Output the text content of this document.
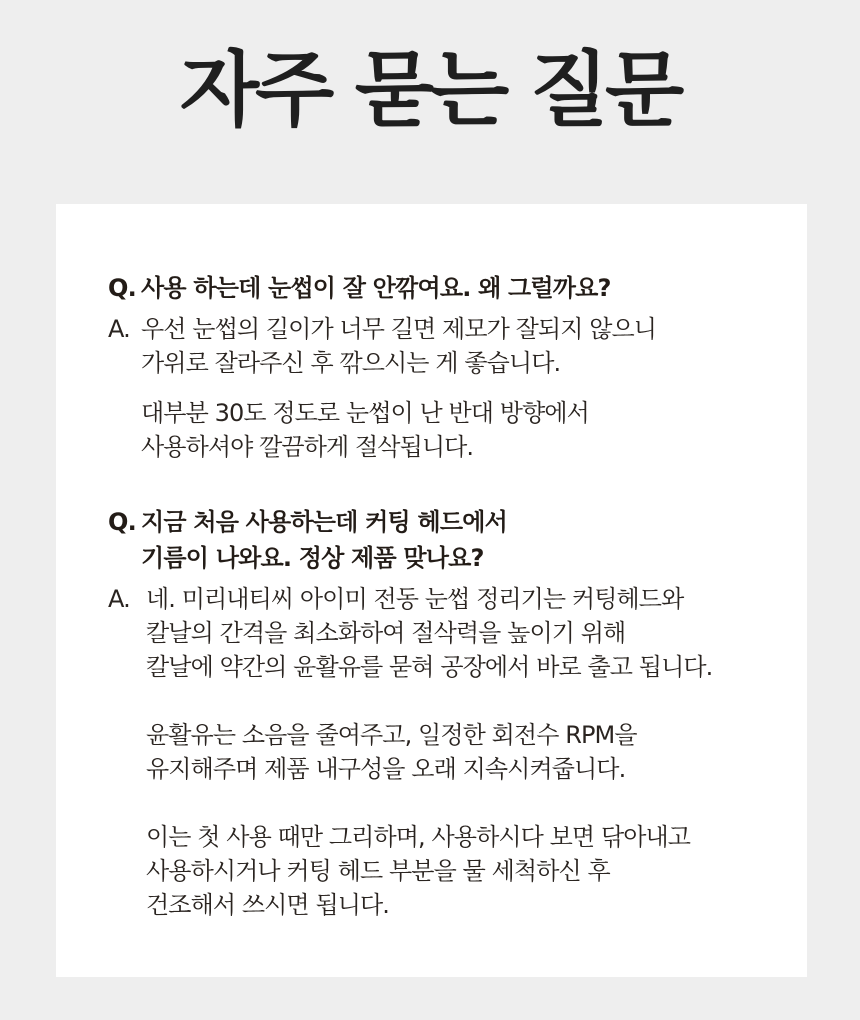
자주 묻는 질문
Q. 사용 하는데 눈썹이 잘 안깎여요. 왜 그럴까요?
A. 우선 눈썹의 길이가 너무 길면 제모가 잘되지 않으니
가위로 잘라주신 후 깎으시는 게 좋습니다.
대부분 30도 정도로 눈썹이 난 반대 방향에서
사용하셔야 깔끔하게 절삭됩니다.
Q. 지금 처음 사용하는데 커팅 헤드에서
기름이 나와요. 정상 제품 맞나요?
A. 네. 미리내티씨 아이미 전동 눈썹 정리기는 커팅헤드와
칼날의 간격을 최소화하여 절삭력을 높이기 위해
칼날에 약간의 윤활유를 묻혀 공장에서 바로 출고 됩니다.
윤활유는 소음을 줄여주고, 일정한 회전수 RPM을
유지해주며 제품 내구성을 오래 지속시켜줍니다.
이는 첫 사용 때만 그리하며, 사용하시다 보면 닦아내고
사용하시거나 커팅 헤드 부분을 물 세척하신 후
건조해서 쓰시면 됩니다.
